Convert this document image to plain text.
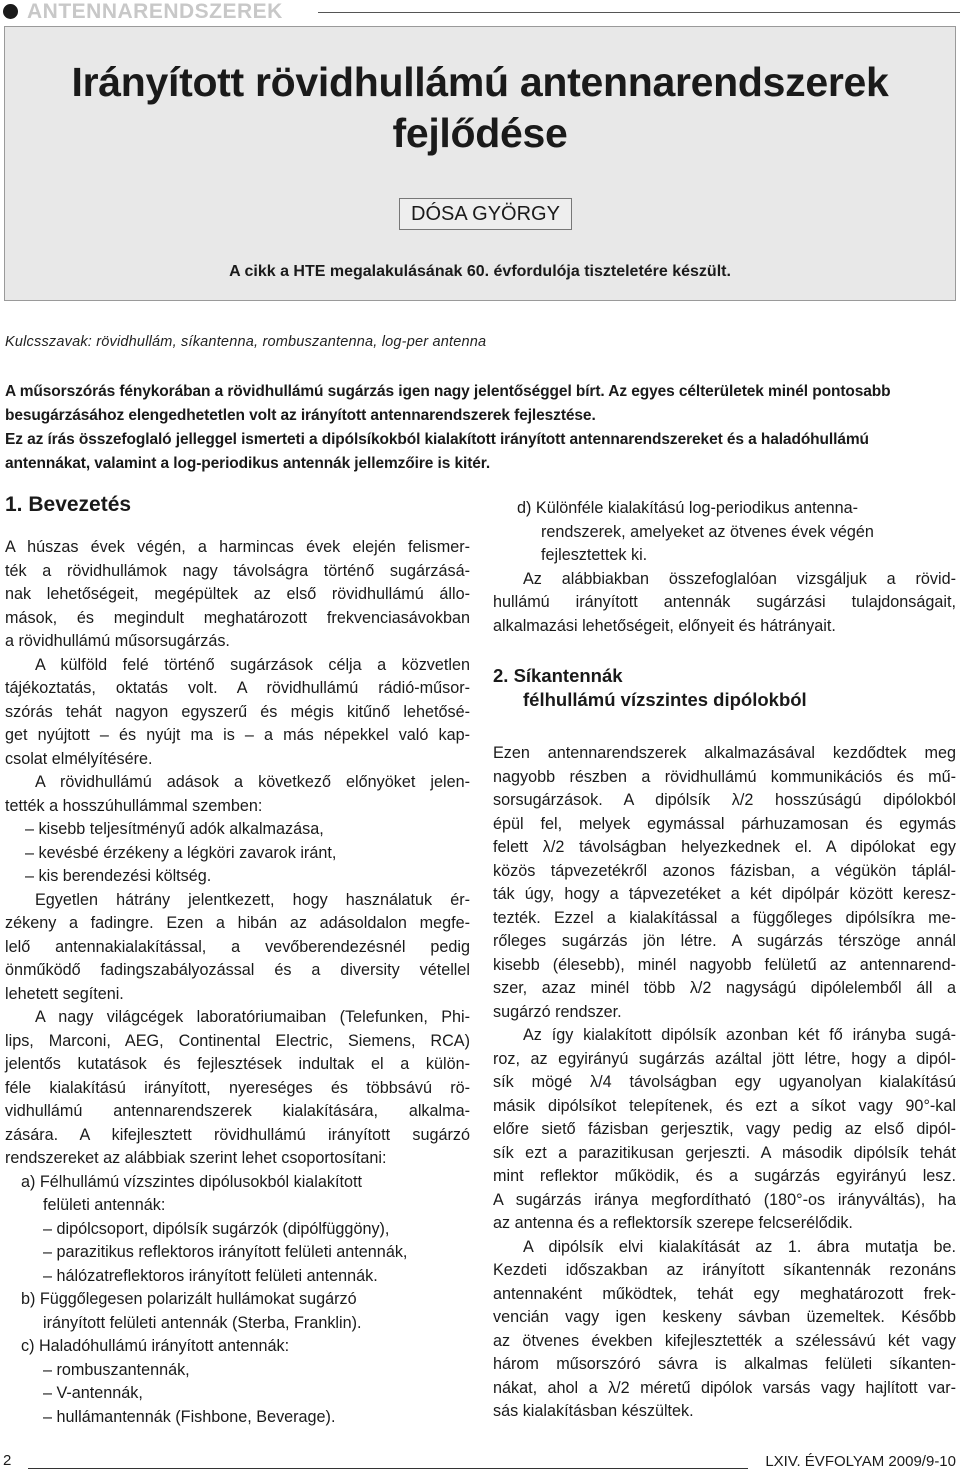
ANTENNARENDSZEREK
Irányított rövidhullámú antennarendszerek
fejlődése
DÓSA GYÖRGY
A cikk a HTE megalakulásának 60. évfordulója tiszteletére készült.
Kulcsszavak: rövidhullám, síkantenna, rombuszantenna, log-per antenna

A műsorszórás fénykorában a rövidhullámú sugárzás igen nagy jelentőséggel bírt. Az egyes célterületek minél pontosabb

besugárzásához elengedhetetlen volt az irányított antennarendszerek fejlesztése.

Ez az írás összefoglaló jelleggel ismerteti a dipólsíkokból kialakított irányított antennarendszereket és a haladóhullámú

antennákat, valamint a log-periodikus antennák jellemzőire is kitér.

1. Bevezetés

A húszas évek végén, a harmincas évek elején felismer-

ték a rövidhullámok nagy távolságra történő sugárzásá-

nak lehetőségeit, megépültek az első rövidhullámú állo-

mások, és megindult meghatározott frekvenciasávokban

a rövidhullámú műsorsugárzás.

A külföld felé történő sugárzások célja a közvetlen

tájékoztatás, oktatás volt. A rövidhullámú rádió-műsor-

szórás tehát nagyon egyszerű és mégis kitűnő lehetősé-

get nyújtott – és nyújt ma is – a más népekkel való kap-

csolat elmélyítésére.

A rövidhullámú adások a következő előnyöket jelen-

tették a hosszúhullámmal szemben:

– kisebb teljesítményű adók alkalmazása,

– kevésbé érzékeny a légköri zavarok iránt,

– kis berendezési költség.

Egyetlen hátrány jelentkezett, hogy használatuk ér-

zékeny a fadingre. Ezen a hibán az adásoldalon megfe-

lelő antennakialakítással, a vevőberendezésnél pedig

önműködő fadingszabályozással és a diversity vétellel

lehetett segíteni.

A nagy világcégek laboratóriumaiban (Telefunken, Phi-

lips, Marconi, AEG, Continental Electric, Siemens, RCA)

jelentős kutatások és fejlesztések indultak el a külön-

féle kialakítású irányított, nyereséges és többsávú rö-

vidhullámú antennarendszerek kialakítására, alkalma-

zására. A kifejlesztett rövidhullámú irányított sugárzó

rendszereket az alábbiak szerint lehet csoportosítani:

a) Félhullámú vízszintes dipólusokból kialakított

felületi antennák:

– dipólcsoport, dipólsík sugárzók (dipólfüggöny),

– parazitikus reflektoros irányított felületi antennák,

– hálózatreflektoros irányított felületi antennák.

b) Függőlegesen polarizált hullámokat sugárzó

irányított felületi antennák (Sterba, Franklin).

c) Haladóhullámú irányított antennák:

– rombuszantennák,

– V-antennák,

– hullámantennák (Fishbone, Beverage).

d) Különféle kialakítású log-periodikus antenna-

rendszerek, amelyeket az ötvenes évek végén

fejlesztettek ki.

Az alábbiakban összefoglalóan vizsgáljuk a rövid-

hullámú irányított antennák sugárzási tulajdonságait,

alkalmazási lehetőségeit, előnyeit és hátrányait.

2. Síkantennák
félhullámú vízszintes dipólokból

Ezen antennarendszerek alkalmazásával kezdődtek meg

nagyobb részben a rövidhullámú kommunikációs és mű-

sorsugárzások. A dipólsík λ/2 hosszúságú dipólokból

épül fel, melyek egymással párhuzamosan és egymás

felett λ/2 távolságban helyezkednek el. A dipólokat egy

közös tápvezetékről azonos fázisban, a végükön táplál-

ták úgy, hogy a tápvezetéket a két dipólpár között keresz-

tezték. Ezzel a kialakítással a függőleges dipólsíkra me-

rőleges sugárzás jön létre. A sugárzás térszöge annál

kisebb (élesebb), minél nagyobb felületű az antennarend-

szer, azaz minél több λ/2 nagyságú dipólelemből áll a

sugárzó rendszer.

Az így kialakított dipólsík azonban két fő irányba sugá-

roz, az egyirányú sugárzás azáltal jött létre, hogy a dipól-

sík mögé λ/4 távolságban egy ugyanolyan kialakítású

másik dipólsíkot telepítenek, és ezt a síkot vagy 90°-kal

előre siető fázisban gerjesztik, vagy pedig az első dipól-

sík ezt a parazitikusan gerjeszti. A második dipólsík tehát

mint reflektor működik, és a sugárzás egyirányú lesz.

A sugárzás iránya megfordítható (180°-os irányváltás), ha

az antenna és a reflektorsík szerepe felcserélődik.

A dipólsík elvi kialakítását az 1. ábra mutatja be.

Kezdeti időszakban az irányított síkantennák rezonáns

antennaként működtek, tehát egy meghatározott frek-

vencián vagy igen keskeny sávban üzemeltek. Később

az ötvenes években kifejlesztették a szélessávú két vagy

három műsorszóró sávra is alkalmas felületi síkanten-

nákat, ahol a λ/2 méretű dipólok varsás vagy hajlított var-

sás kialakításban készültek.

2	LXIV. ÉVFOLYAM 2009/9-10
